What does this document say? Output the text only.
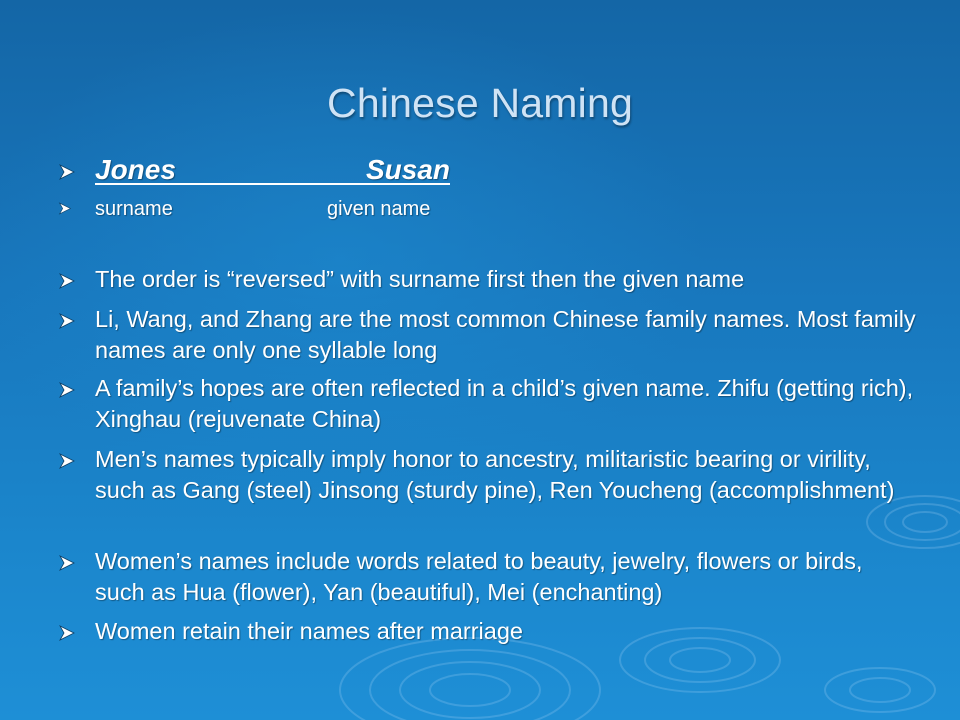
Chinese Naming
Jones	Susan
surname	given name
The order is “reversed” with surname first then the given name
Li, Wang, and Zhang are the most common Chinese family names. Most family names are only one syllable long
A family’s hopes are often reflected in a child’s given name. Zhifu (getting rich), Xinghau (rejuvenate China)
Men’s names typically imply honor to ancestry, militaristic bearing or virility, such as Gang (steel) Jinsong (sturdy pine), Ren Youcheng (accomplishment)
Women’s names include words related to beauty, jewelry, flowers or birds, such as Hua (flower), Yan (beautiful), Mei (enchanting)
Women retain their names after marriage
